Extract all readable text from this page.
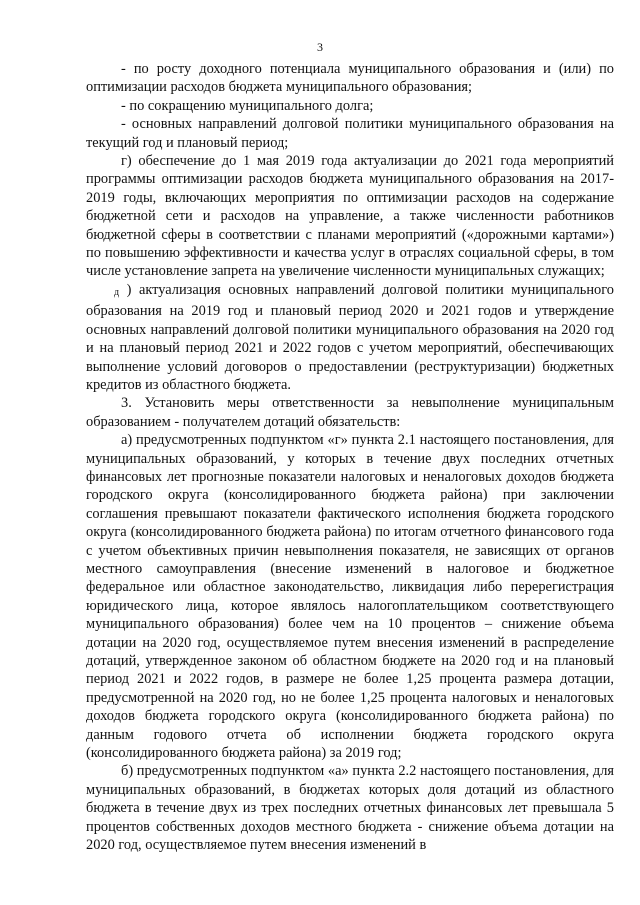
3

- по росту доходного потенциала муниципального образования и (или) по оптимизации расходов бюджета муниципального образования;

- по сокращению муниципального долга;

- основных направлений долговой политики муниципального образования на текущий год и плановый период;

г) обеспечение до 1 мая 2019 года актуализации до 2021 года мероприятий программы оптимизации расходов бюджета муниципального образования на 2017-2019 годы, включающих мероприятия по оптимизации расходов на содержание бюджетной сети и расходов на управление, а также численности работников бюджетной сферы в соответствии с планами мероприятий («дорожными картами») по повышению эффективности и качества услуг в отраслях социальной сферы, в том числе установление запрета на увеличение численности муниципальных служащих;

д ) актуализация основных направлений долговой политики муниципального образования на 2019 год и плановый период 2020 и 2021 годов и утверждение основных направлений долговой политики муниципального образования на 2020 год и на плановый период 2021 и 2022 годов с учетом мероприятий, обеспечивающих выполнение условий договоров о предоставлении (реструктуризации) бюджетных кредитов из областного бюджета.

3. Установить меры ответственности за невыполнение муниципальным образованием - получателем дотаций обязательств:

а) предусмотренных подпунктом «г» пункта 2.1 настоящего постановления, для муниципальных образований, у которых в течение двух последних отчетных финансовых лет прогнозные показатели налоговых и неналоговых доходов бюджета городского округа (консолидированного бюджета района) при заключении соглашения превышают показатели фактического исполнения бюджета городского округа (консолидированного бюджета района) по итогам отчетного финансового года с учетом объективных причин невыполнения показателя, не зависящих от органов местного самоуправления (внесение изменений в налоговое и бюджетное федеральное или областное законодательство, ликвидация либо перерегистрация юридического лица, которое являлось налогоплательщиком соответствующего муниципального образования) более чем на 10 процентов – снижение объема дотации на 2020 год, осуществляемое путем внесения изменений в распределение дотаций, утвержденное законом об областном бюджете на 2020 год и на плановый период 2021 и 2022 годов, в размере не более 1,25 процента размера дотации, предусмотренной на 2020 год, но не более 1,25 процента налоговых и неналоговых доходов бюджета городского округа (консолидированного бюджета района) по данным годового отчета об исполнении бюджета городского округа (консолидированного бюджета района) за 2019 год;

б) предусмотренных подпунктом «а» пункта 2.2 настоящего постановления, для муниципальных образований, в бюджетах которых доля дотаций из областного бюджета в течение двух из трех последних отчетных финансовых лет превышала 5 процентов собственных доходов местного бюджета - снижение объема дотации на 2020 год, осуществляемое путем внесения изменений в
